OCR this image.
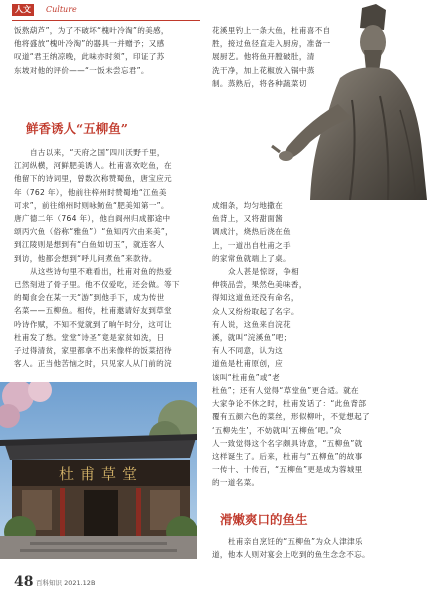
人文	Culture

饭熬葫芦”，为了不破坏“槐叶冷淘”的美感，

他将盛放“槐叶冷淘”的器具一并赠予；又感

叹道“君王纳凉晚，此味亦时须”，印证了苏

东坡对他的评价——“一饭未尝忘君”。

鲜香诱人“五柳鱼”

自古以来，“天府之国”四川沃野千里，

江河纵横，河鲜肥美诱人。杜甫喜欢吃鱼，在

他留下的诗词里，曾数次称赞蜀鱼，唐宝应元

年（762 年），他前往梓州时赞蜀地“江鱼美

可求”，前往绵州时则咏鲂鱼“肥美知第一”。

唐广德二年（764 年），他自阆州归成都途中

颂丙穴鱼（俗称“雅鱼”）“鱼知丙穴由来美”，

到江陵则是想到有“白鱼如切玉”，就连客人

到访，他都会想到“呼儿问煮鱼”来款待。

从这些诗句里不难看出，杜甫对鱼的热爱

已然刻进了骨子里。他不仅爱吃，还会做。等下

的蜀食会在某一天“游”到他手下，成为传世

名菜——五柳鱼。相传，杜甫邀请好友到草堂

吟诗作赋，不知不觉就到了晌午时分，这可让

杜甫发了愁。堂堂“诗圣”竟是家贫如洗，日

子过得清贫，家里都拿不出来像样的饭菜招待

客人。正当他苦恼之时，只见家人从门前的浣

花溪里钓上一条大鱼，杜甫喜不自

胜，接过鱼径直走入厨房，准备一

展厨艺。他将鱼开膛破肚，清

洗干净，加上花椒放入锅中蒸

制。蒸熟后，将各种蔬菜切

成细条，均匀地撒在

鱼背上，又将甜面酱

调成汁，烧热后浇在鱼

上，一道出自杜甫之手

的家常鱼就端上了桌。

众人甚是惊讶，争相

伸筷品尝，果然色美味香，

得知这道鱼还没有命名，

众人又纷纷取起了名字。

有人说，这鱼来自浣花

溪，就叫“浣溪鱼”吧；

有人不同意，认为这

道鱼是杜甫原创，应

该叫“杜甫鱼”或“老

杜鱼”；还有人觉得“草堂鱼”更合适。就在

大家争论不休之时，杜甫发话了：“此鱼背部

覆有五颜六色的菜丝，形似柳叶，不觉想起了

‘五柳先生’，不妨就叫‘五柳鱼’吧。”众

人一致觉得这个名字颇具诗意，“五柳鱼”就

这样诞生了。后来，杜甫与“五柳鱼”的故事

一传十、十传百，“五柳鱼”更是成为蓉城里

的一道名菜。

滑嫩爽口的鱼生

杜甫亲自烹饪的“五柳鱼”为众人津津乐

道，他本人则对宴会上吃到的鱼生念念不忘。

杜甫草堂
48 百科知识 2021.12B
